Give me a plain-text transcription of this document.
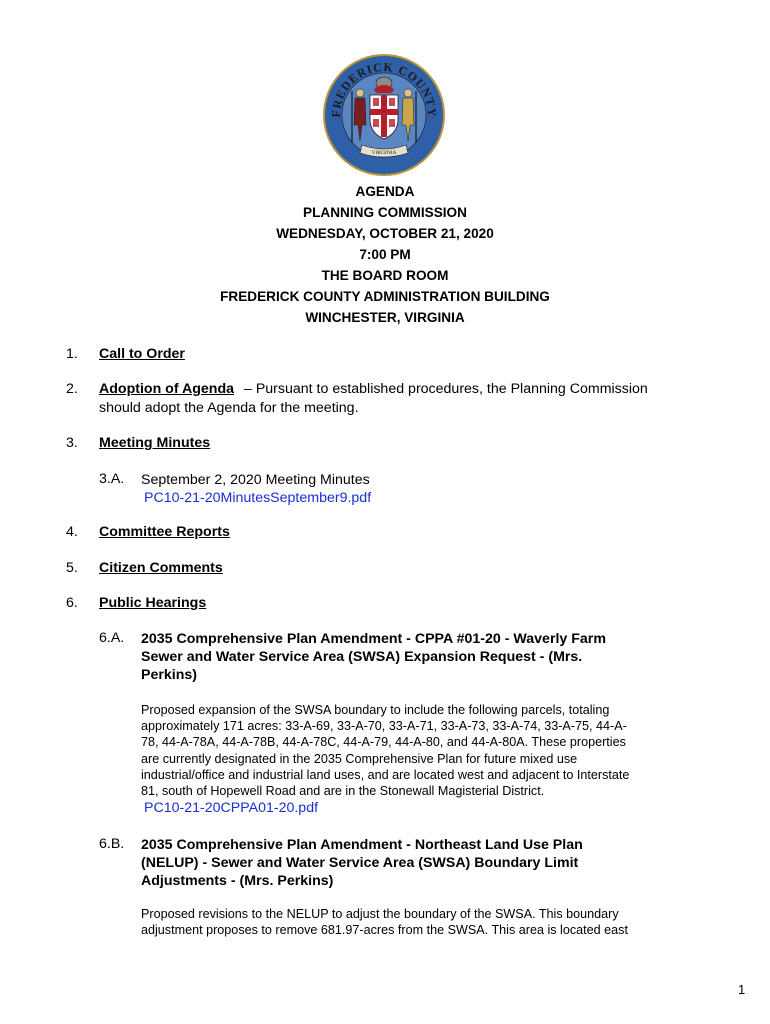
FREDERICK COUNTY
VIRGINIA
AGENDA
PLANNING COMMISSION
WEDNESDAY, OCTOBER 21, 2020
7:00 PM
THE BOARD ROOM
FREDERICK COUNTY ADMINISTRATION BUILDING
WINCHESTER, VIRGINIA
1. Call to Order
2. Adoption of Agenda – Pursuant to established procedures, the Planning Commission
should adopt the Agenda for the meeting.
3. Meeting Minutes
3.A. September 2, 2020 Meeting Minutes
PC10-21-20MinutesSeptember9.pdf
4. Committee Reports
5. Citizen Comments
6. Public Hearings
6.A. 2035 Comprehensive Plan Amendment - CPPA #01-20 - Waverly Farm
Sewer and Water Service Area (SWSA) Expansion Request - (Mrs.
Perkins)
Proposed expansion of the SWSA boundary to include the following parcels, totaling
approximately 171 acres: 33-A-69, 33-A-70, 33-A-71, 33-A-73, 33-A-74, 33-A-75, 44-A-
78, 44-A-78A, 44-A-78B, 44-A-78C, 44-A-79, 44-A-80, and 44-A-80A. These properties
are currently designated in the 2035 Comprehensive Plan for future mixed use
industrial/office and industrial land uses, and are located west and adjacent to Interstate
81, south of Hopewell Road and are in the Stonewall Magisterial District.
PC10-21-20CPPA01-20.pdf
6.B. 2035 Comprehensive Plan Amendment - Northeast Land Use Plan
(NELUP) - Sewer and Water Service Area (SWSA) Boundary Limit
Adjustments - (Mrs. Perkins)
Proposed revisions to the NELUP to adjust the boundary of the SWSA. This boundary
adjustment proposes to remove 681.97-acres from the SWSA. This area is located east
1
